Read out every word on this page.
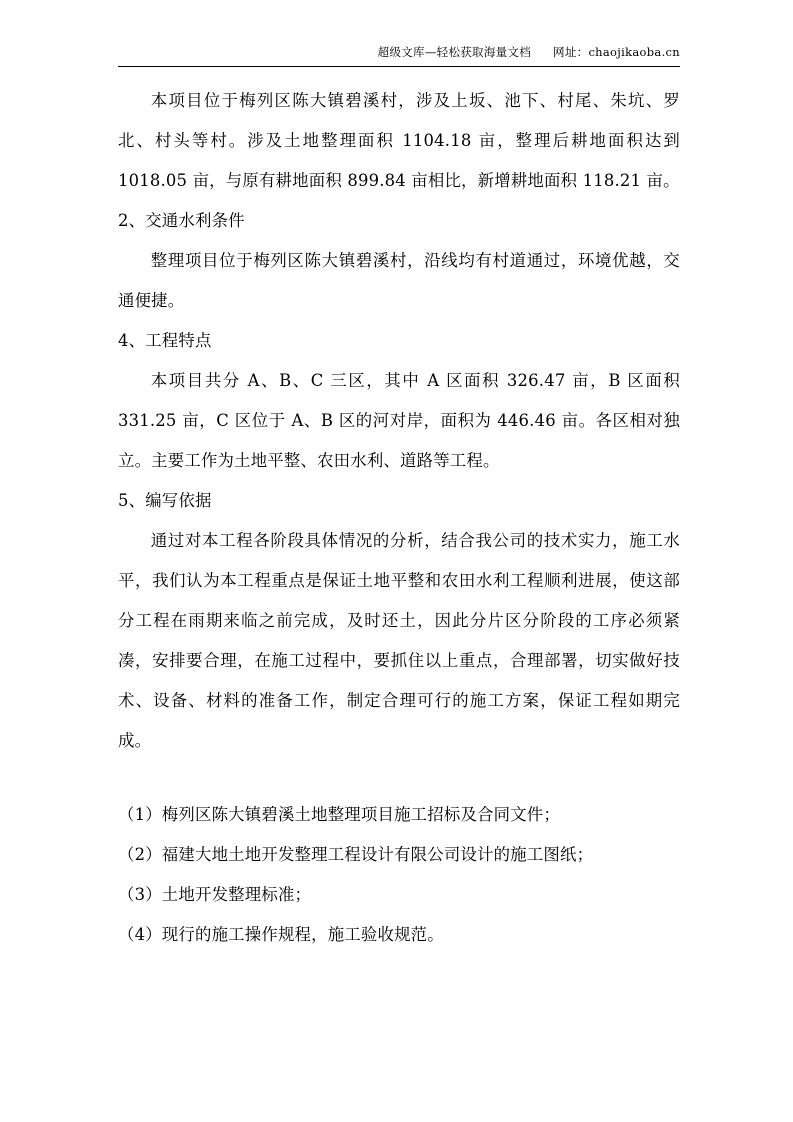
超级文库—轻松获取海量文档 网址：chaojikaoba.cn

本项目位于梅列区陈大镇碧溪村，涉及上坂、池下、村尾、朱坑、罗北、村头等村。涉及土地整理面积 1104.18 亩，整理后耕地面积达到 1018.05 亩，与原有耕地面积 899.84 亩相比，新增耕地面积 118.21 亩。

2、交通水利条件

整理项目位于梅列区陈大镇碧溪村，沿线均有村道通过，环境优越，交通便捷。

4、工程特点

本项目共分 A、B、C 三区，其中 A 区面积 326.47 亩，B 区面积 331.25 亩，C 区位于 A、B 区的河对岸，面积为 446.46 亩。各区相对独立。主要工作为土地平整、农田水利、道路等工程。

5、编写依据

通过对本工程各阶段具体情况的分析，结合我公司的技术实力，施工水平，我们认为本工程重点是保证土地平整和农田水利工程顺利进展，使这部分工程在雨期来临之前完成，及时还土，因此分片区分阶段的工序必须紧凑，安排要合理，在施工过程中，要抓住以上重点，合理部署，切实做好技术、设备、材料的准备工作，制定合理可行的施工方案，保证工程如期完成。

（1）梅列区陈大镇碧溪土地整理项目施工招标及合同文件；

（2）福建大地土地开发整理工程设计有限公司设计的施工图纸；

（3）土地开发整理标准；

（4）现行的施工操作规程，施工验收规范。
